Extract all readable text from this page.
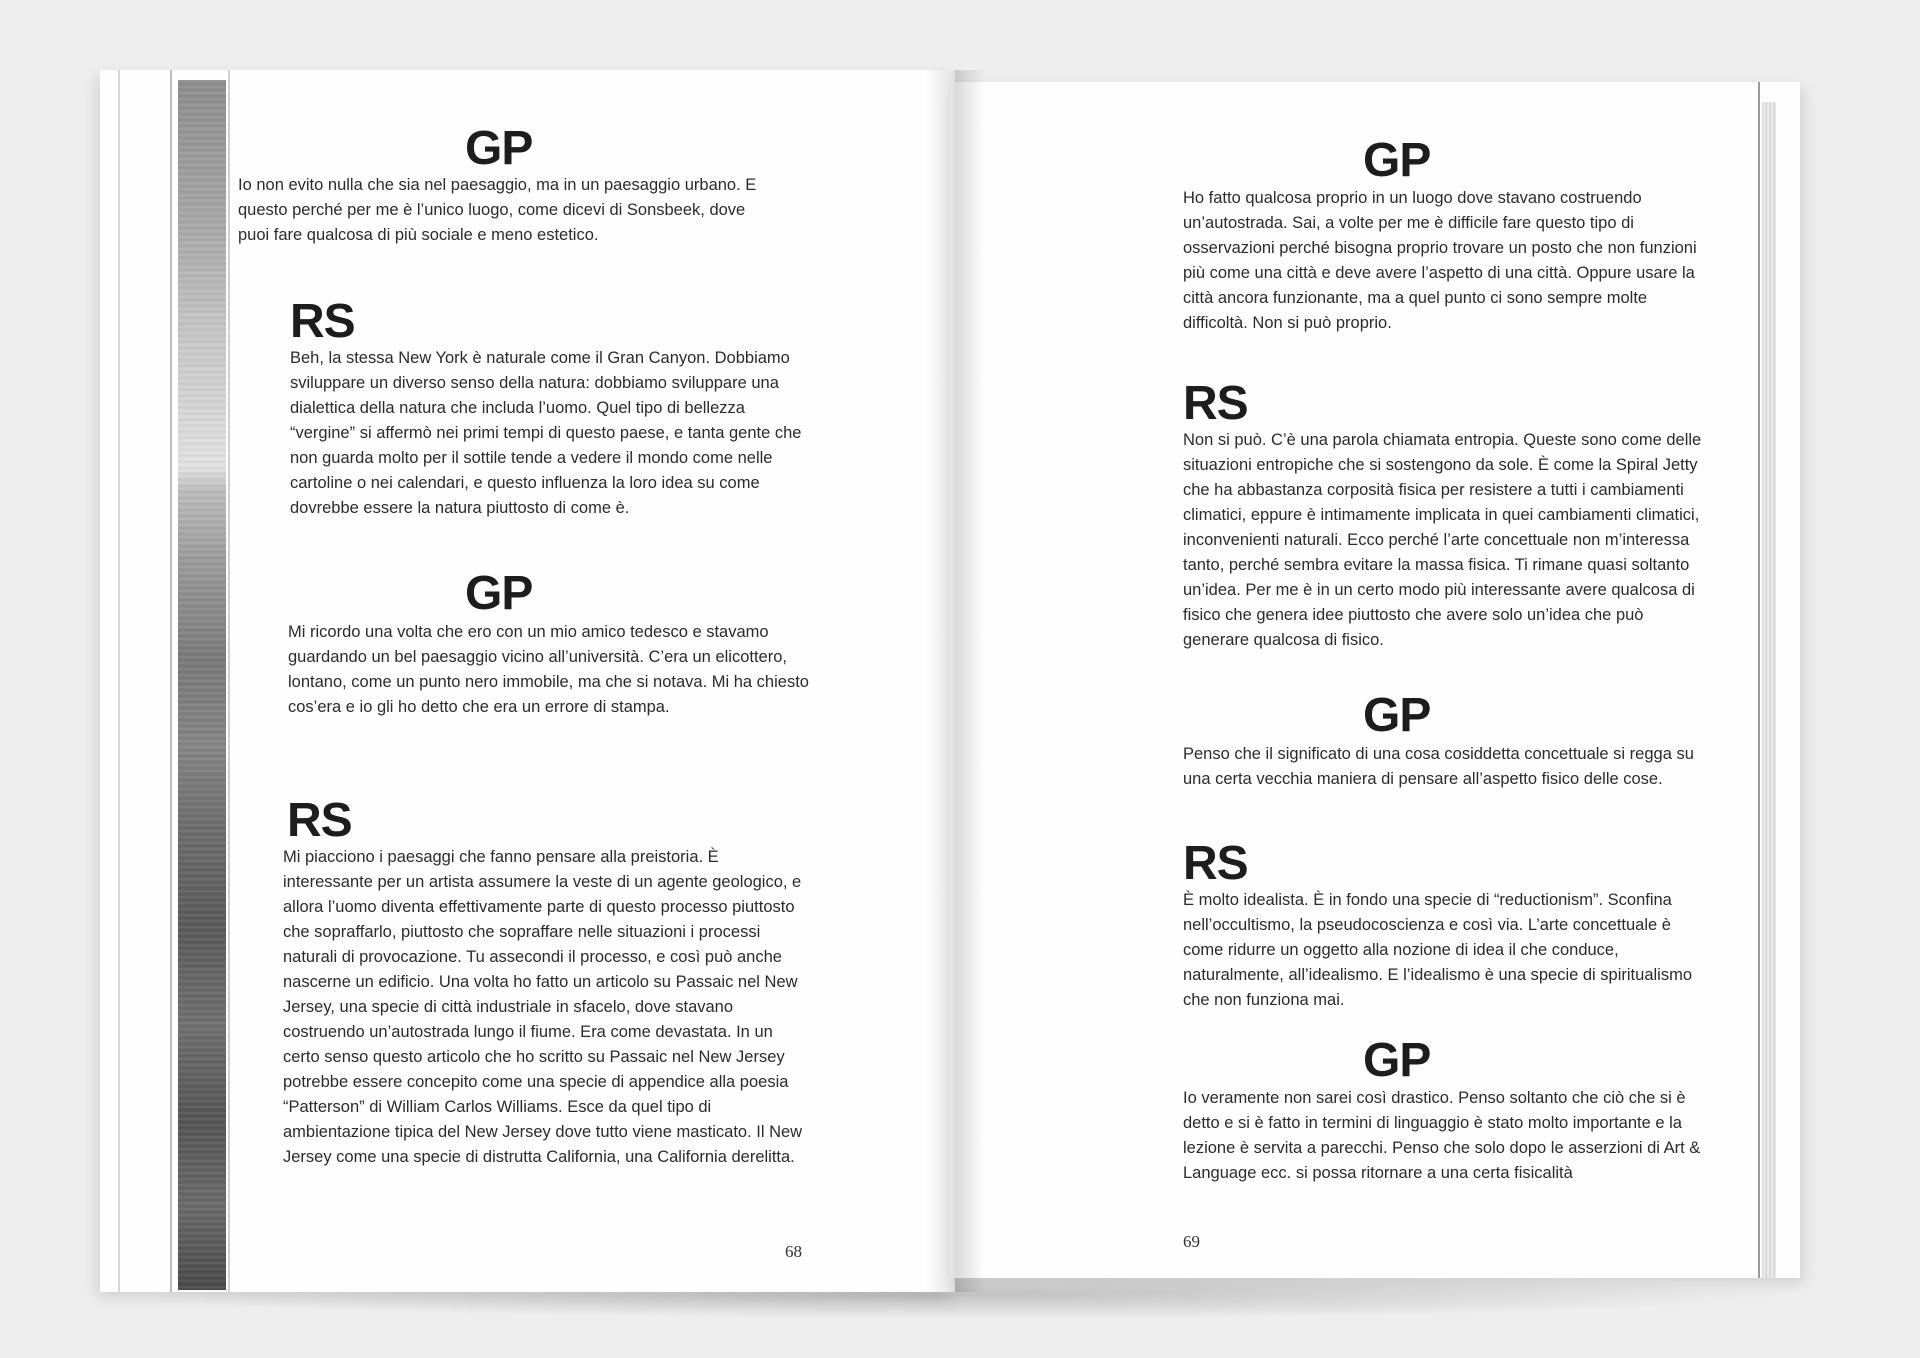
GP

Io non evito nulla che sia nel paesaggio, ma in un paesaggio urbano. E questo perché per me è l’unico luogo, come dicevi di Sonsbeek, dove puoi fare qualcosa di più sociale e meno estetico.

RS

Beh, la stessa New York è naturale come il Gran Canyon. Dobbiamo sviluppare un diverso senso della natura: dobbiamo sviluppare una dialettica della natura che includa l’uomo. Quel tipo di bellezza “vergine” si affermò nei primi tempi di questo paese, e tanta gente che non guarda molto per il sottile tende a vedere il mondo come nelle cartoline o nei calendari, e questo influenza la loro idea su come dovrebbe essere la natura piuttosto di come è.

GP

Mi ricordo una volta che ero con un mio amico tedesco e stavamo guardando un bel paesaggio vicino all’università. C’era un elicottero, lontano, come un punto nero immobile, ma che si notava. Mi ha chiesto cos’era e io gli ho detto che era un errore di stampa.

RS

Mi piacciono i paesaggi che fanno pensare alla preistoria. È interessante per un artista assumere la veste di un agente geologico, e allora l’uomo diventa effettivamente parte di questo processo piuttosto che sopraffarlo, piuttosto che sopraffare nelle situazioni i processi naturali di provocazione. Tu assecondi il processo, e così può anche nascerne un edificio. Una volta ho fatto un articolo su Passaic nel New Jersey, una specie di città industriale in sfacelo, dove stavano costruendo un’autostrada lungo il fiume. Era come devastata. In un certo senso questo articolo che ho scritto su Passaic nel New Jersey potrebbe essere concepito come una specie di appendice alla poesia “Patterson” di William Carlos Williams. Esce da quel tipo di ambientazione tipica del New Jersey dove tutto viene masticato. Il New Jersey come una specie di distrutta California, una California derelitta.

68
GP

Ho fatto qualcosa proprio in un luogo dove stavano costruendo un’autostrada. Sai, a volte per me è difficile fare questo tipo di osservazioni perché bisogna proprio trovare un posto che non funzioni più come una città e deve avere l’aspetto di una città. Oppure usare la città ancora funzionante, ma a quel punto ci sono sempre molte difficoltà. Non si può proprio.

RS

Non si può. C’è una parola chiamata entropia. Queste sono come delle situazioni entropiche che si sostengono da sole. È come la Spiral Jetty che ha abbastanza corposità fisica per resistere a tutti i cambiamenti climatici, eppure è intimamente implicata in quei cambiamenti climatici, inconvenienti naturali. Ecco perché l’arte concettuale non m’interessa tanto, perché sembra evitare la massa fisica. Ti rimane quasi soltanto un’idea. Per me è in un certo modo più interessante avere qualcosa di fisico che genera idee piuttosto che avere solo un’idea che può generare qualcosa di fisico.

GP

Penso che il significato di una cosa cosiddetta concettuale si regga su una certa vecchia maniera di pensare all’aspetto fisico delle cose.

RS

È molto idealista. È in fondo una specie di “reductionism”. Sconfina nell’occultismo, la pseudocoscienza e così via. L’arte concettuale è come ridurre un oggetto alla nozione di idea il che conduce, naturalmente, all’idealismo. E l’idealismo è una specie di spiritualismo che non funziona mai.

GP

Io veramente non sarei così drastico. Penso soltanto che ciò che si è detto e si è fatto in termini di linguaggio è stato molto importante e la lezione è servita a parecchi. Penso che solo dopo le asserzioni di Art & Language ecc. si possa ritornare a una certa fisicalità

69
